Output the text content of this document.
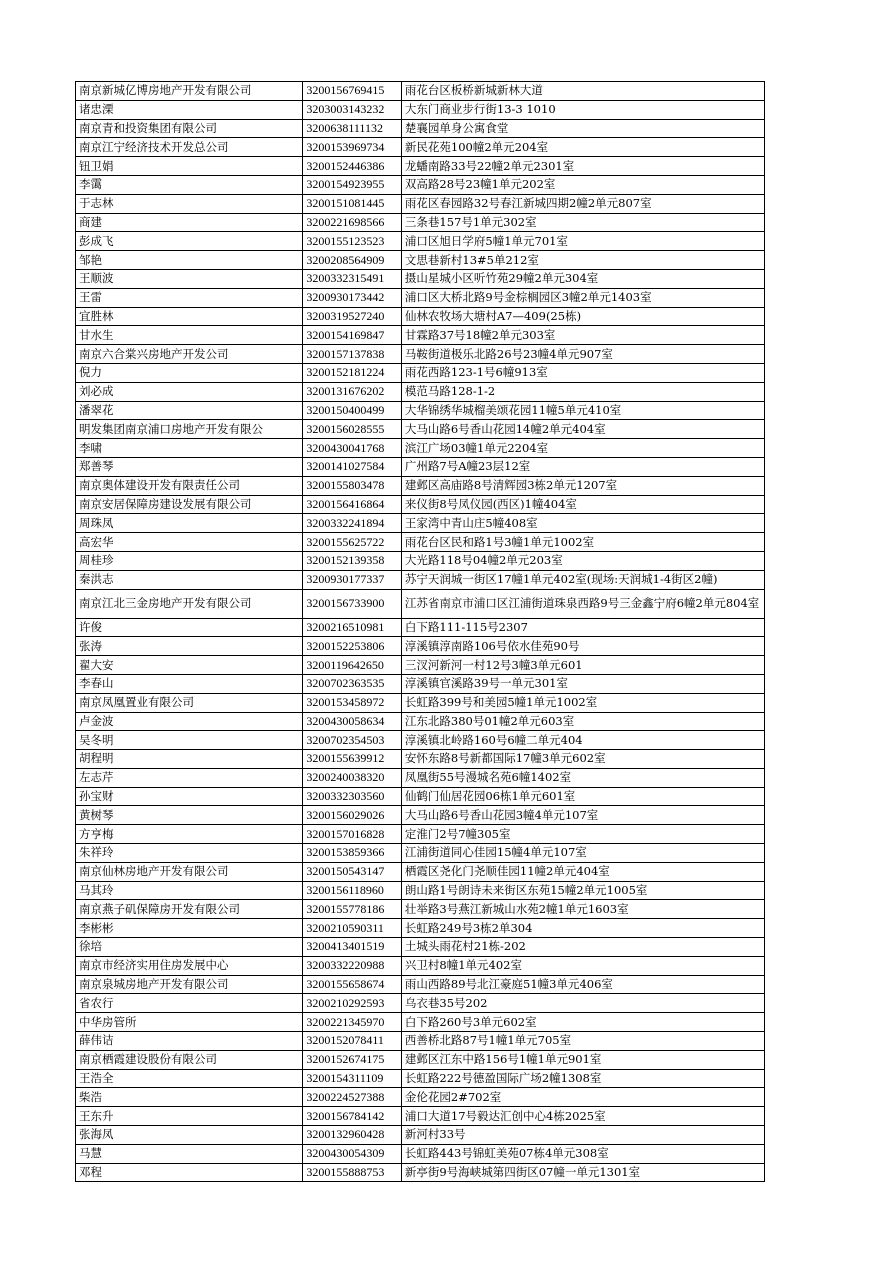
南京新城亿博房地产开发有限公司	3200156769415	雨花台区板桥新城新林大道
诸忠溧	3203003143232	大东门商业步行街13-3 1010
南京青和投资集团有限公司	3200638111132	楚襄园单身公寓食堂
南京江宁经济技术开发总公司	3200153969734	新民花苑100幢2单元204室
钮卫娟	3200152446386	龙蟠南路33号22幢2单元2301室
李霭	3200154923955	双高路28号23幢1单元202室
于志林	3200151081445	雨花区春园路32号春江新城四期2幢2单元807室
商建	3200221698566	三条巷157号1单元302室
彭成飞	3200155123523	浦口区旭日学府5幢1单元701室
邹艳	3200208564909	文思巷新村13#5单212室
王顺波	3200332315491	摄山星城小区听竹苑29幢2单元304室
王雷	3200930173442	浦口区大桥北路9号金棕榈园区3幢2单元1403室
宜胜林	3200319527240	仙林农牧场大塘村A7—409(25栋)
甘水生	3200154169847	甘霖路37号18幢2单元303室
南京六合棠兴房地产开发公司	3200157137838	马鞍街道极乐北路26号23幢4单元907室
倪力	3200152181224	雨花西路123-1号6幢913室
刘必成	3200131676202	模范马路128-1-2
潘翠花	3200150400499	大华锦绣华城榴美颂花园11幢5单元410室
明发集团南京浦口房地产开发有限公	3200156028555	大马山路6号香山花园14幢2单元404室
李啸	3200430041768	滨江广场03幢1单元2204室
郑善琴	3200141027584	广州路7号A幢23层12室
南京奥体建设开发有限责任公司	3200155803478	建邺区高庙路8号清辉园3栋2单元1207室
南京安居保障房建设发展有限公司	3200156416864	来仪街8号凤仪园(西区)1幢404室
周珠凤	3200332241894	王家湾中青山庄5幢408室
高宏华	3200155625722	雨花台区民和路1号3幢1单元1002室
周桂珍	3200152139358	大光路118号04幢2单元203室
秦洪志	3200930177337	苏宁天润城一街区17幢1单元402室(现场:天润城1-4街区2幢)
南京江北三金房地产开发有限公司	3200156733900	江苏省南京市浦口区江浦街道珠泉西路9号三金鑫宁府6幢2单元804室
许俊	3200216510981	白下路111-115号2307
张涛	3200152253806	淳溪镇淳南路106号依水佳苑90号
翟大安	3200119642650	三汊河新河一村12号3幢3单元601
李春山	3200702363535	淳溪镇官溪路39号一单元301室
南京凤凰置业有限公司	3200153458972	长虹路399号和美园5幢1单元1002室
卢金波	3200430058634	江东北路380号01幢2单元603室
吴冬明	3200702354503	淳溪镇北岭路160号6幢二单元404
胡程明	3200155639912	安怀东路8号新都国际17幢3单元602室
左志芹	3200240038320	凤凰街55号漫城名苑6幢1402室
孙宝财	3200332303560	仙鹤门仙居花园06栋1单元601室
黄树琴	3200156029026	大马山路6号香山花园3幢4单元107室
方亨梅	3200157016828	定淮门2号7幢305室
朱祥玲	3200153859366	江浦街道同心佳园15幢4单元107室
南京仙林房地产开发有限公司	3200150543147	栖霞区尧化门尧顺佳园11幢2单元404室
马其玲	3200156118960	朗山路1号朗诗未来街区东苑15幢2单元1005室
南京燕子矶保障房开发有限公司	3200155778186	壮举路3号燕江新城山水苑2幢1单元1603室
李彬彬	3200210590311	长虹路249号3栋2单304
徐培	3200413401519	土城头雨花村21栋-202
南京市经济实用住房发展中心	3200332220988	兴卫村8幢1单元402室
南京泉城房地产开发有限公司	3200155658674	雨山西路89号北江豪庭51幢3单元406室
省农行	3200210292593	乌衣巷35号202
中华房管所	3200221345970	白下路260号3单元602室
薛伟诘	3200152078411	西善桥北路87号1幢1单元705室
南京栖霞建设股份有限公司	3200152674175	建邺区江东中路156号1幢1单元901室
王浩全	3200154311109	长虹路222号德盈国际广场2幢1308室
柴浩	3200224527388	金伦花园2#702室
王东升	3200156784142	浦口大道17号毅达汇创中心4栋2025室
张海凤	3200132960428	新河村33号
马慧	3200430054309	长虹路443号锦虹美苑07栋4单元308室
邓程	3200155888753	新亭街9号海峡城第四街区07幢一单元1301室
